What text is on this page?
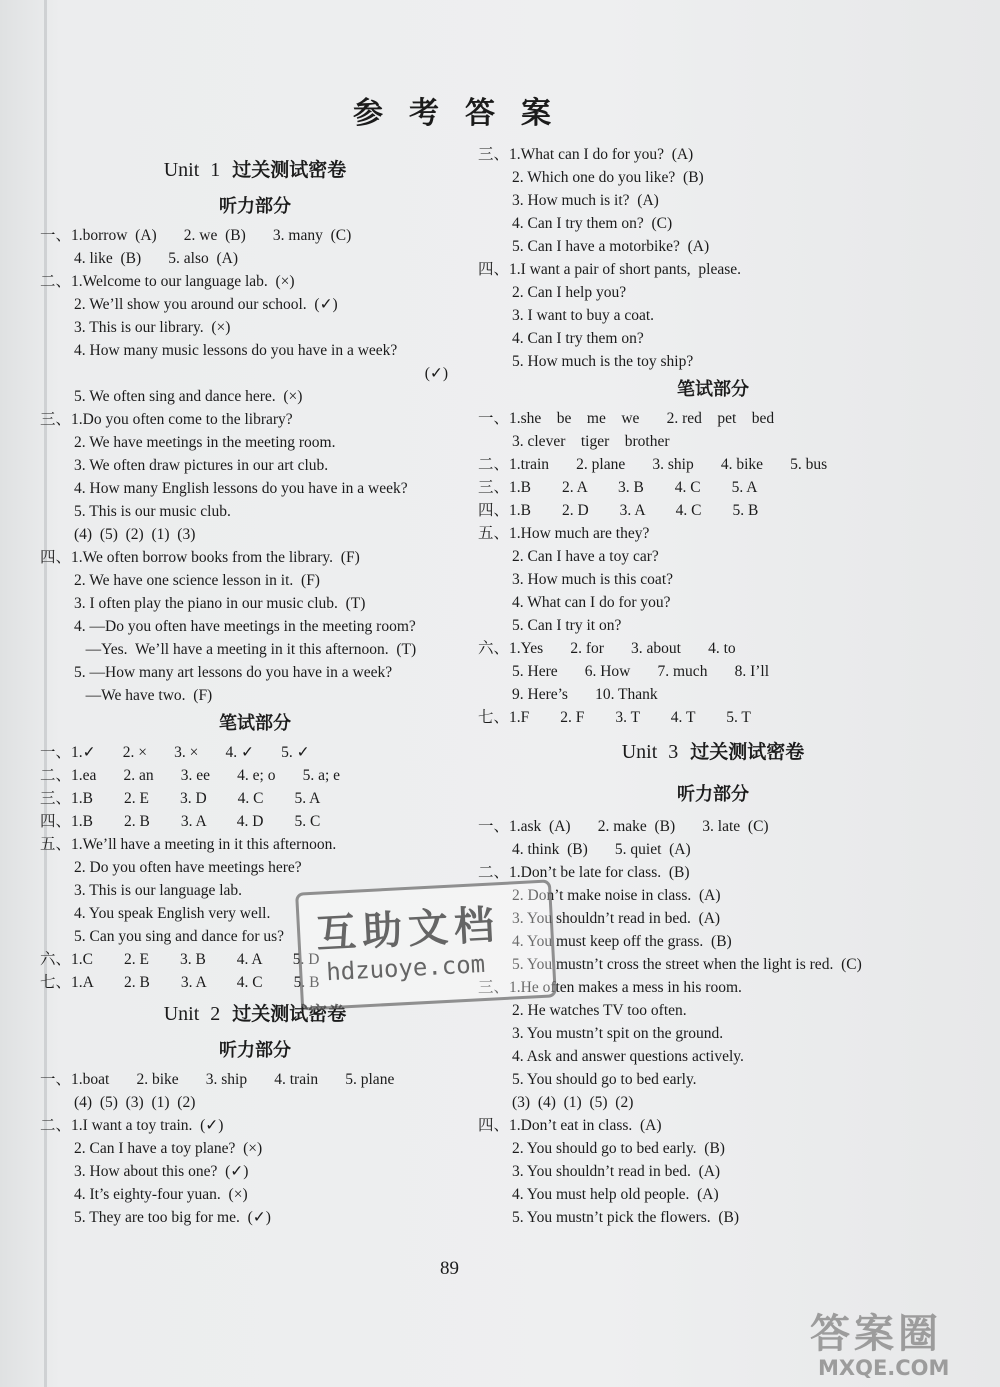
参考答案
Unit 1 过关测试密卷
听力部分
一、1.borrow  (A)       2. we  (B)       3. many  (C)
4. like  (B)       5. also  (A)
二、1.Welcome to our language lab.  (×)
2. We’ll show you around our school.  (✓)
3. This is our library.  (×)
4. How many music lessons do you have in a week?
(✓)
5. We often sing and dance here.  (×)
三、1.Do you often come to the library?
2. We have meetings in the meeting room.
3. We often draw pictures in our art club.
4. How many English lessons do you have in a week?
5. This is our music club.
(4)  (5)  (2)  (1)  (3)
四、1.We often borrow books from the library.  (F)
2. We have one science lesson in it.  (F)
3. I often play the piano in our music club.  (T)
4. —Do you often have meetings in the meeting room?
—Yes.  We’ll have a meeting in it this afternoon.  (T)
5. —How many art lessons do you have in a week?
—We have two.  (F)
笔试部分
一、1.✓       2. ×       3. ×       4. ✓       5. ✓
二、1.ea       2. an       3. ee       4. e; o       5. a; e
三、1.B        2. E        3. D        4. C        5. A
四、1.B        2. B        3. A        4. D        5. C
五、1.We’ll have a meeting in it this afternoon.
2. Do you often have meetings here?
3. This is our language lab.
4. You speak English very well.
5. Can you sing and dance for us?
六、1.C        2. E        3. B        4. A        5. D
七、1.A        2. B        3. A        4. C        5. B
Unit 2 过关测试密卷
听力部分
一、1.boat       2. bike       3. ship       4. train       5. plane
(4)  (5)  (3)  (1)  (2)
二、1.I want a toy train.  (✓)
2. Can I have a toy plane?  (×)
3. How about this one?  (✓)
4. It’s eighty-four yuan.  (×)
5. They are too big for me.  (✓)
三、1.What can I do for you?  (A)
2. Which one do you like?  (B)
3. How much is it?  (A)
4. Can I try them on?  (C)
5. Can I have a motorbike?  (A)
四、1.I want a pair of short pants,  please.
2. Can I help you?
3. I want to buy a coat.
4. Can I try them on?
5. How much is the toy ship?
笔试部分
一、1.she    be    me    we       2. red    pet    bed
3. clever    tiger    brother
二、1.train       2. plane       3. ship       4. bike       5. bus
三、1.B        2. A        3. B        4. C        5. A
四、1.B        2. D        3. A        4. C        5. B
五、1.How much are they?
2. Can I have a toy car?
3. How much is this coat?
4. What can I do for you?
5. Can I try it on?
六、1.Yes       2. for       3. about       4. to
5. Here       6. How       7. much       8. I’ll
9. Here’s       10. Thank
七、1.F        2. F        3. T        4. T        5. T
Unit 3 过关测试密卷
听力部分
一、1.ask  (A)       2. make  (B)       3. late  (C)
4. think  (B)       5. quiet  (A)
二、1.Don’t be late for class.  (B)
2. Don’t make noise in class.  (A)
3. You shouldn’t read in bed.  (A)
4. You must keep off the grass.  (B)
5. You mustn’t cross the street when the light is red.  (C)
三、1.He often makes a mess in his room.
2. He watches TV too often.
3. You mustn’t spit on the ground.
4. Ask and answer questions actively.
5. You should go to bed early.
(3)  (4)  (1)  (5)  (2)
四、1.Don’t eat in class.  (A)
2. You should go to bed early.  (B)
3. You shouldn’t read in bed.  (A)
4. You must help old people.  (A)
5. You mustn’t pick the flowers.  (B)
89
互助文档
hdzuoye.com
答案圈
MXQE.COM
